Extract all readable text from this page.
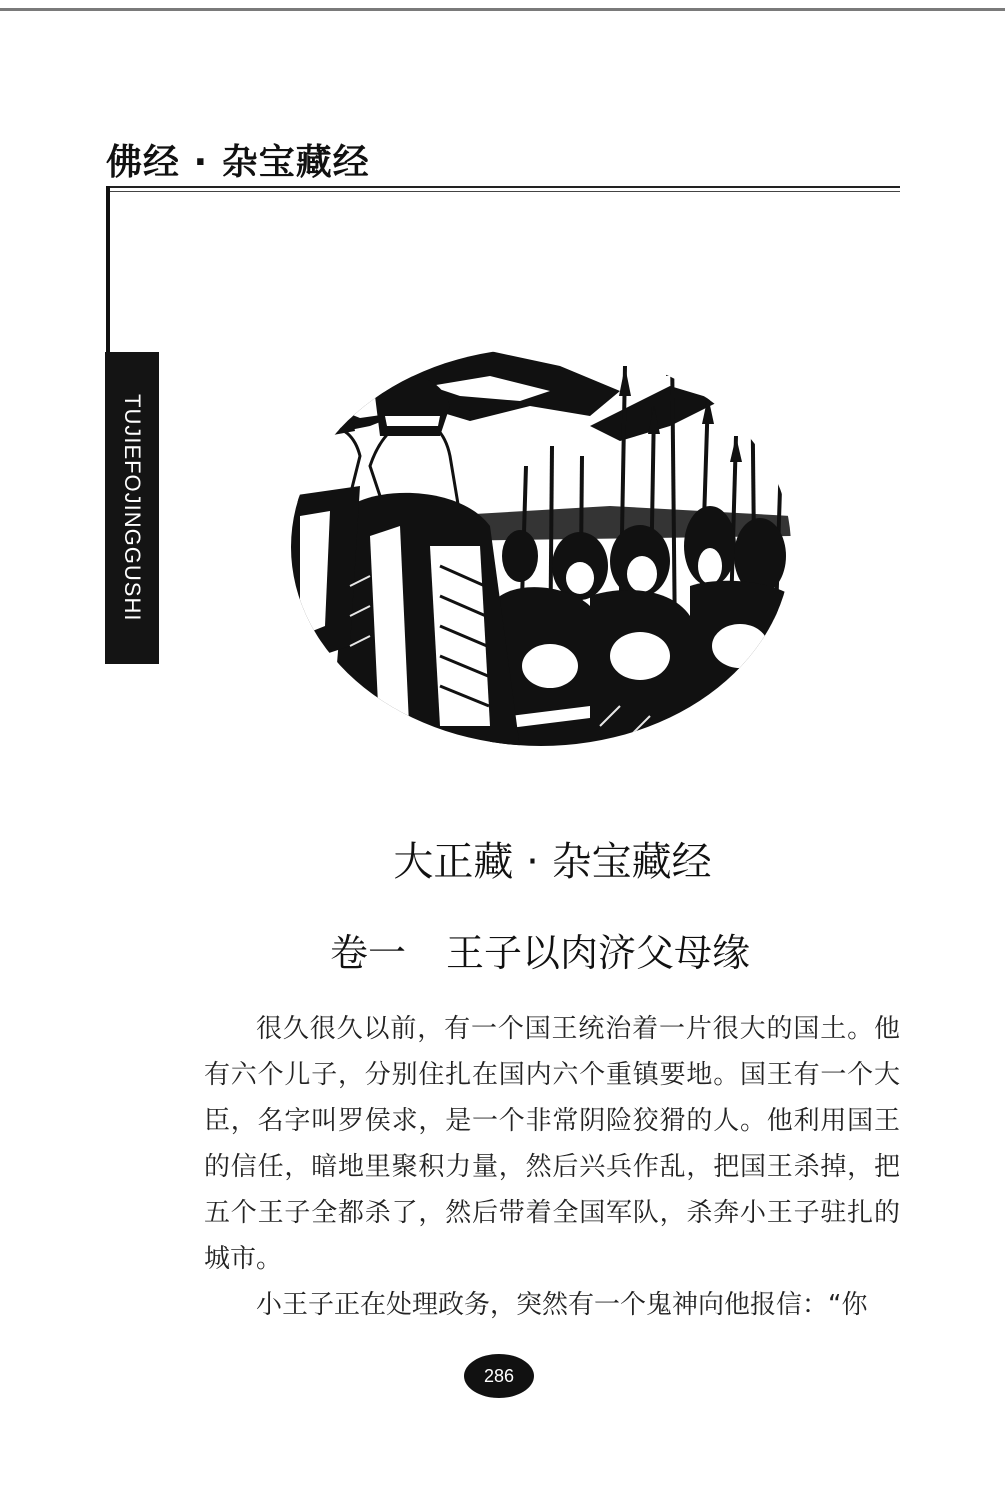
佛经 · 杂宝藏经
TUJIEFOJINGGUSHI
大正藏 · 杂宝藏经
卷一 王子以肉济父母缘

很久很久以前，有一个国王统治着一片很大的国土。他有六个儿子，分别住扎在国内六个重镇要地。国王有一个大臣，名字叫罗侯求，是一个非常阴险狡猾的人。他利用国王的信任，暗地里聚积力量，然后兴兵作乱，把国王杀掉，把五个王子全都杀了，然后带着全国军队，杀奔小王子驻扎的城市。

小王子正在处理政务，突然有一个鬼神向他报信：“你

286
